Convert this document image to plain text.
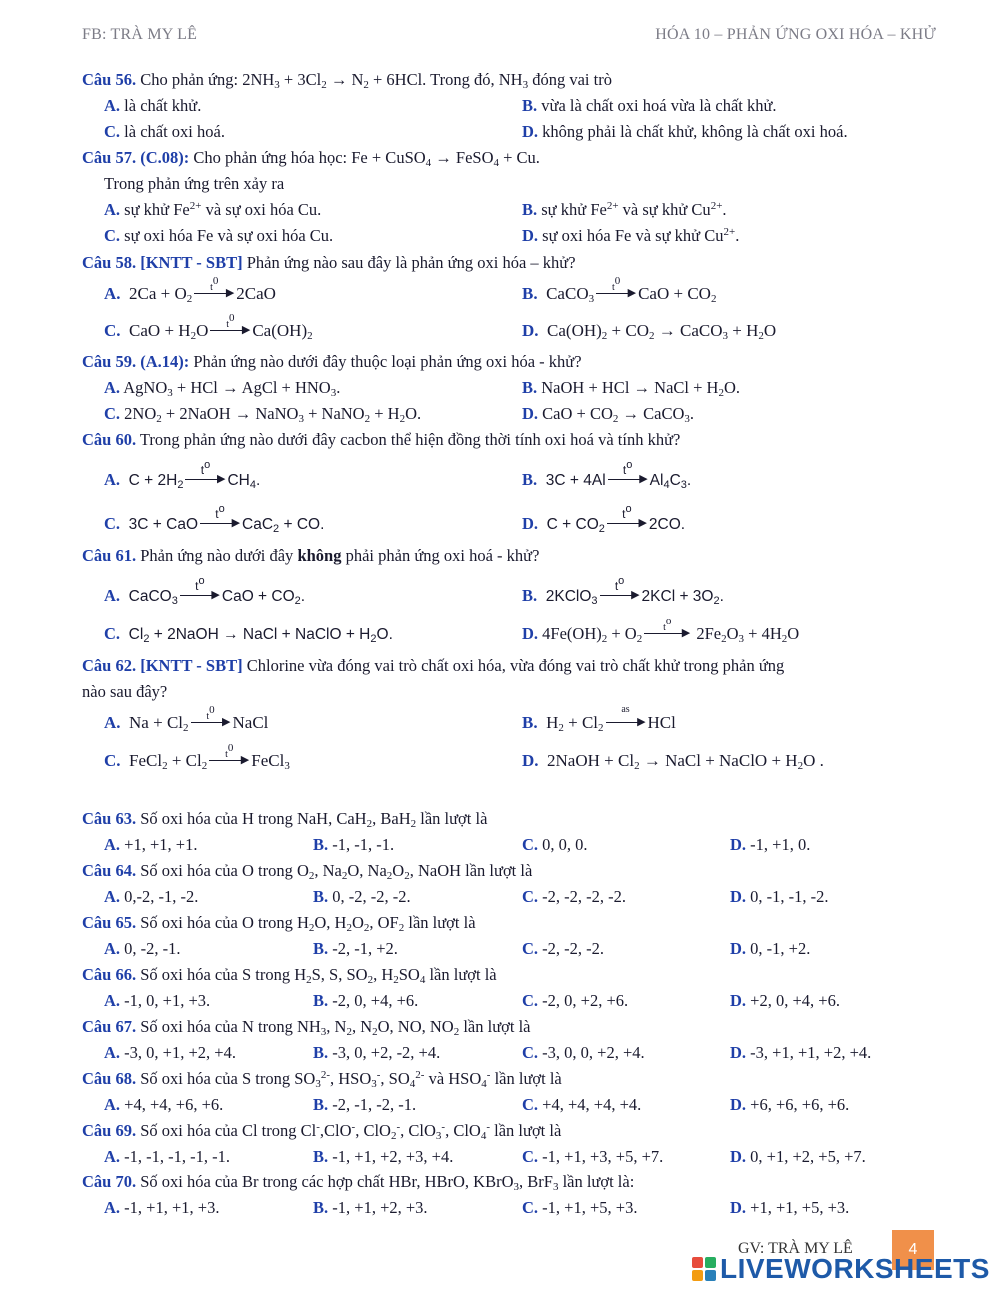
FB: TRÀ MY LÊ	HÓA 10 – PHẢN ỨNG OXI HÓA – KHỬ
Câu 56. Cho phản ứng: $2NH_3 + 3Cl_2 \to N_2 + 6HCl$. Trong đó, $NH_3$ đóng vai trò
A. là chất khử.	B. vừa là chất oxi hoá vừa là chất khử.
C. là chất oxi hoá.	D. không phải là chất khử, không là chất oxi hoá.
Câu 57. (C.08): Cho phản ứng hóa học: Fe + CuSO$_4$ → FeSO$_4$ + Cu.
Trong phản ứng trên xảy ra
A. sự khử $Fe^{2+}$ và sự oxi hóa Cu.	B. sự khử $Fe^{2+}$ và sự khử $Cu^{2+}$.
C. sự oxi hóa Fe và sự oxi hóa Cu.	D. sự oxi hóa Fe và sự khử $Cu^{2+}$.
Câu 58. [KNTT - SBT] Phản ứng nào sau đây là phản ứng oxi hóa – khử?
A. $2Ca + O_2$
$t^0$
▶ 2CaO	B. CaCO$_3$
$t^0$
▶ CaO + $CO_2$
C. CaO + $H_2O$	$t^0$
▶ $Ca(OH)_2$	D. $Ca(OH)_2 + CO_2$ → CaCO$_3$ + $H_2O$
Câu 59. (A.14): Phản ứng nào dưới đây thuộc loại phản ứng oxi hóa - khử?
A. AgNO$_3$ + HCl → AgCl + $HNO_3$.	B. NaOH + HCl → NaCl + $H_2O$.
C. $2NO_2$ + 2NaOH → NaNO$_3$ + NaNO$_2$ + $H_2O$.	D. CaO + $CO_2$ → CaCO$_3$.
Câu 60. Trong phản ứng nào dưới đây cacbon thể hiện đồng thời tính oxi hoá và tính khử?
A. $C + 2H_2$
$t^o$
▶ $CH_4$.	B. 3C + 4Al
$t^o$
▶ $Al_4C_3$.
C. 3C + CaO
$t^o$
▶ CaC$_2$ + CO.	D. $C + CO_2$
$t^o$
▶ 2CO.
Câu 61. Phản ứng nào dưới đây không phải phản ứng oxi hoá - khử?
A. CaCO$_3$
$t^o$
▶ CaO + $CO_2$.	B. 2KClO$_3$
$t^o$
▶ $2KCl + 3O_2$.
C. $Cl_2$ + 2NaOH → NaCl + NaClO + $H_2O$.	D. $4Fe(OH)_2 + O_2$
$t^o$
▶ $2Fe_2O_3 + 4H_2O$
Câu 62. [KNTT - SBT] Chlorine vừa đóng vai trò chất oxi hóa, vừa đóng vai trò chất khử trong phản ứng
nào sau đây?
A. $Na + Cl_2$
$t^0$
▶ NaCl	B. $H_2 + Cl_2$
as
▶ HCl
C. FeCl$_2$ + $Cl_2$
$t^0$
▶ FeCl$_3$	D. 2NaOH + $Cl_2$ → NaCl + NaClO + $H_2O$ .
Câu 63. Số oxi hóa của H trong NaH, CaH$_2$, BaH$_2$ lần lượt là
A. +1, +1, +1.	B. -1, -1, -1.	C. 0, 0, 0.	D. -1, +1, 0.
Câu 64. Số oxi hóa của O trong $O_2$, $Na_2O$, $Na_2O_2$, NaOH lần lượt là
A. 0,-2, -1, -2.	B. 0, -2, -2, -2.	C. -2, -2, -2, -2.	D. 0, -1, -1, -2.
Câu 65. Số oxi hóa của O trong $H_2O$, $H_2O_2$, $OF_2$ lần lượt là
A. 0, -2, -1.	B. -2, -1, +2.	C. -2, -2, -2.	D. 0, -1, +2.
Câu 66. Số oxi hóa của S trong $H_2S$, S, $SO_2$, $H_2SO_4$ lần lượt là
A. -1, 0, +1, +3.	B. -2, 0, +4, +6.	C. -2, 0, +2, +6.	D. +2, 0, +4, +6.
Câu 67. Số oxi hóa của N trong $NH_3$, $N_2$, $N_2O$, NO, $NO_2$ lần lượt là
A. -3, 0, +1, +2, +4.	B. -3, 0, +2, -2, +4.	C. -3, 0, 0, +2, +4.	D. -3, +1, +1, +2, +4.
Câu 68. Số oxi hóa của S trong $SO_3^{2-}$, $HSO_3^-$, $SO_4^{2-}$ và $HSO_4^-$ lần lượt là
A. +4, +4, +6, +6.	B. -2, -1, -2, -1.	C. +4, +4, +4, +4.	D. +6, +6, +6, +6.
Câu 69. Số oxi hóa của Cl trong Cl-,ClO-, ClO$_2$-, ClO$_3$-, ClO$_4$- lần lượt là
A. -1, -1, -1, -1, -1.	B. -1, +1, +2, +3, +4.	C. -1, +1, +3, +5, +7.	D. 0, +1, +2, +5, +7.
Câu 70. Số oxi hóa của Br trong các hợp chất HBr, HBrO, KBrO$_3$, BrF$_3$ lần lượt là:
A. -1, +1, +1, +3.	B. -1, +1, +2, +3.	C. -1, +1, +5, +3.	D. +1, +1, +5, +3.
GV: TRÀ MY LÊ	4
LIVEWORKSHEETS
